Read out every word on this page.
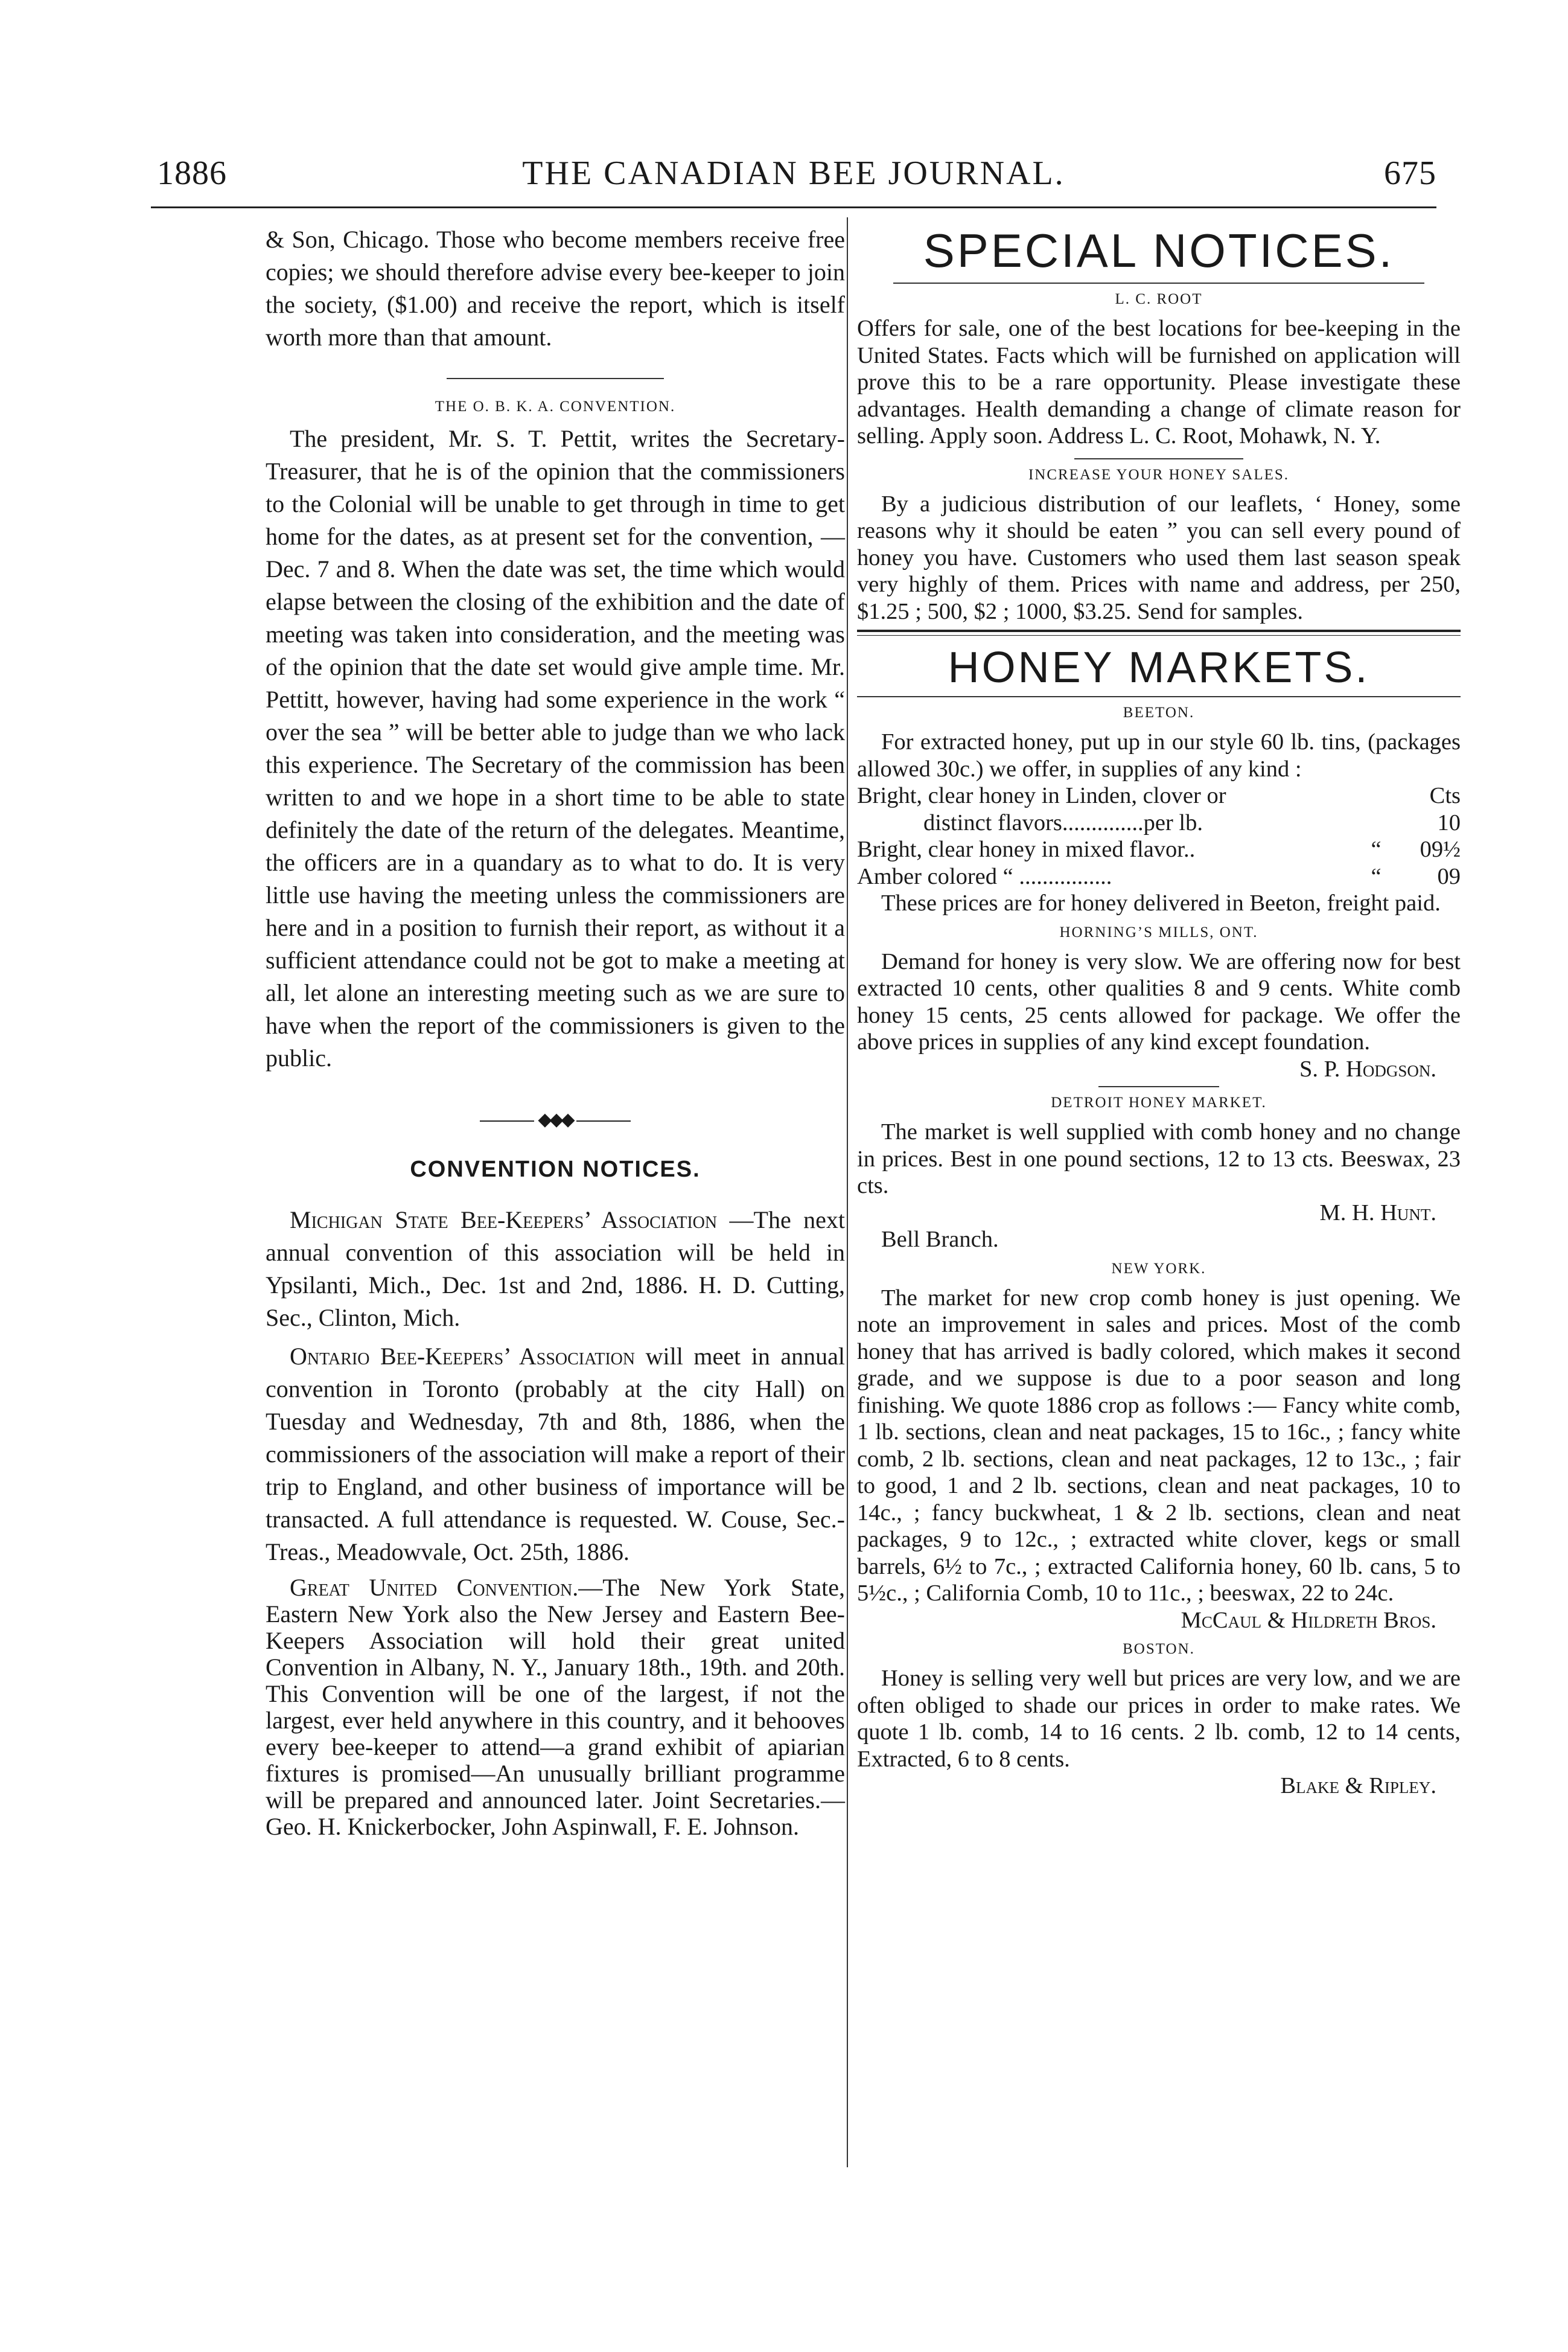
1886	THE CANADIAN BEE JOURNAL.	675

& Son, Chicago. Those who become members receive free copies; we should therefore advise every bee-keeper to join the society, ($1.00) and receive the report, which is itself worth more than that amount.

THE O. B. K. A. CONVENTION.

The president, Mr. S. T. Pettit, writes the Secretary-Treasurer, that he is of the opinion that the commissioners to the Colonial will be unable to get through in time to get home for the dates, as at present set for the convention, —Dec. 7 and 8. When the date was set, the time which would elapse between the closing of the exhibition and the date of meeting was taken into consideration, and the meeting was of the opinion that the date set would give ample time. Mr. Pettitt, however, having had some experience in the work “ over the sea ” will be better able to judge than we who lack this experience. The Secretary of the commission has been written to and we hope in a short time to be able to state definitely the date of the return of the delegates. Meantime, the officers are in a quandary as to what to do. It is very little use having the meeting unless the commissioners are here and in a position to furnish their report, as without it a sufficient attendance could not be got to make a meeting at all, let alone an interesting meeting such as we are sure to have when the report of the commissioners is given to the public.

◆◆◆
CONVENTION NOTICES.

Michigan State Bee-Keepers’ Association —The next annual convention of this association will be held in Ypsilanti, Mich., Dec. 1st and 2nd, 1886. H. D. Cutting, Sec., Clinton, Mich.

Ontario Bee-Keepers’ Association will meet in annual convention in Toronto (probably at the city Hall) on Tuesday and Wednesday, 7th and 8th, 1886, when the commissioners of the association will make a report of their trip to England, and other business of importance will be transacted. A full attendance is requested. W. Couse, Sec.-Treas., Meadowvale, Oct. 25th, 1886.

Great United Convention.—The New York State, Eastern New York also the New Jersey and Eastern Bee-Keepers Association will hold their great united Convention in Albany, N. Y., January 18th., 19th. and 20th. This Convention will be one of the largest, if not the largest, ever held anywhere in this country, and it behooves every bee-keeper to attend—a grand exhibit of apiarian fixtures is promised—An unusually brilliant programme will be prepared and announced later. Joint Secretaries.—Geo. H. Knickerbocker, John Aspinwall, F. E. Johnson.

SPECIAL NOTICES.
L. C. ROOT

Offers for sale, one of the best locations for bee-keeping in the United States. Facts which will be furnished on application will prove this to be a rare opportunity. Please investigate these advantages. Health demanding a change of climate reason for selling. Apply soon. Address L. C. Root, Mohawk, N. Y.

INCREASE YOUR HONEY SALES.

By a judicious distribution of our leaflets, ‘ Honey, some reasons why it should be eaten ” you can sell every pound of honey you have. Customers who used them last season speak very highly of them. Prices with name and address, per 250, $1.25 ; 500, $2 ; 1000, $3.25. Send for samples.

HONEY MARKETS.
BEETON.

For extracted honey, put up in our style 60 lb. tins, (packages allowed 30c.) we offer, in supplies of any kind :

Bright, clear honey in Linden, clover or	Cts
distinct flavors..............per lb.	10
Bright, clear honey in mixed flavor..	“	09½
Amber colored “ ................	“	09

These prices are for honey delivered in Beeton, freight paid.

HORNING’S MILLS, ONT.

Demand for honey is very slow. We are offering now for best extracted 10 cents, other qualities 8 and 9 cents. White comb honey 15 cents, 25 cents allowed for package. We offer the above prices in supplies of any kind except foundation.

S. P. Hodgson.

DETROIT HONEY MARKET.

The market is well supplied with comb honey and no change in prices. Best in one pound sections, 12 to 13 cts. Beeswax, 23 cts.

M. H. Hunt.

Bell Branch.

NEW YORK.

The market for new crop comb honey is just opening. We note an improvement in sales and prices. Most of the comb honey that has arrived is badly colored, which makes it second grade, and we suppose is due to a poor season and long finishing. We quote 1886 crop as follows :— Fancy white comb, 1 lb. sections, clean and neat packages, 15 to 16c., ; fancy white comb, 2 lb. sections, clean and neat packages, 12 to 13c., ; fair to good, 1 and 2 lb. sections, clean and neat packages, 10 to 14c., ; fancy buckwheat, 1 & 2 lb. sections, clean and neat packages, 9 to 12c., ; extracted white clover, kegs or small barrels, 6½ to 7c., ; extracted California honey, 60 lb. cans, 5 to 5½c., ; California Comb, 10 to 11c., ; beeswax, 22 to 24c.

McCaul & Hildreth Bros.

BOSTON.

Honey is selling very well but prices are very low, and we are often obliged to shade our prices in order to make rates. We quote 1 lb. comb, 14 to 16 cents. 2 lb. comb, 12 to 14 cents, Extracted, 6 to 8 cents.

Blake & Ripley.
